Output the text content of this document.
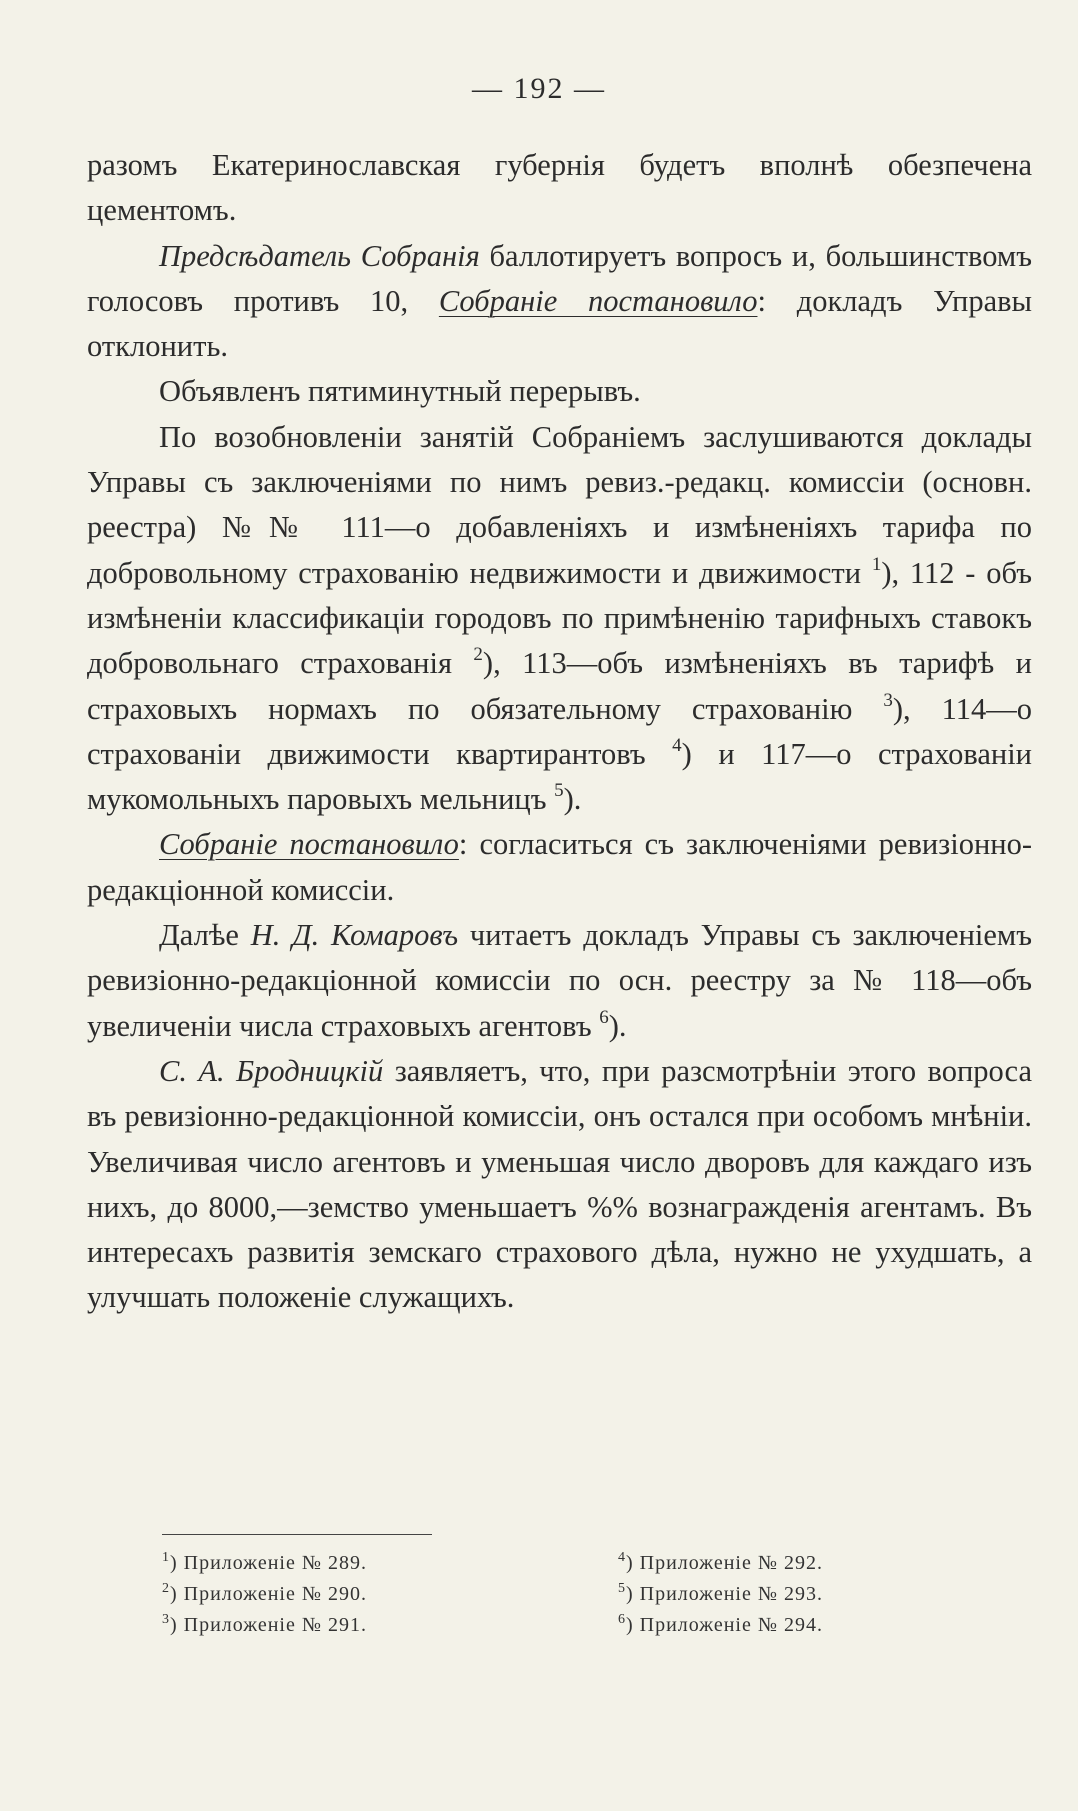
— 192 —

разомъ Екатеринославская губернія будетъ вполнѣ обезпечена цементомъ.

Предсѣдатель Собранія баллотируетъ вопросъ и, большинствомъ голосовъ противъ 10, Собраніе постановило: докладъ Управы отклонить.

Объявленъ пятиминутный перерывъ.

По возобновленіи занятій Собраніемъ заслушиваются доклады Управы съ заключеніями по нимъ ревиз.-редакц. комиссіи (основн. реестра) №№ 111—о добавленіяхъ и измѣненіяхъ тарифа по добровольному страхованію недвижимости и движимости $^1$), 112 - объ измѣненіи классификаціи городовъ по примѣненію тарифныхъ ставокъ добровольнаго страхованія $^2$), 113—объ измѣненіяхъ въ тарифѣ и страховыхъ нормахъ по обязательному страхованію $^3$), 114—о страхованіи движимости квартирантовъ $^4$) и 117—о страхованіи мукомольныхъ паровыхъ мельницъ $^5$).

Собраніе постановило: согласиться съ заключеніями ревизіонно-редакціонной комиссіи.

Далѣе Н. Д. Комаровъ читаетъ докладъ Управы съ заключеніемъ ревизіонно-редакціонной комиссіи по осн. реестру за № 118—объ увеличеніи числа страховыхъ агентовъ $^6$).

С. А. Бродницкій заявляетъ, что, при разсмотрѣніи этого вопроса въ ревизіонно-редакціонной комиссіи, онъ остался при особомъ мнѣніи. Увеличивая число агентовъ и уменьшая число дворовъ для каждаго изъ нихъ, до 8000,—земство уменьшаетъ %% вознагражденія агентамъ. Въ интересахъ развитія земскаго страхового дѣла, нужно не ухудшать, а улучшать положеніе служащихъ.

$^1$) Приложеніе № 289.
$^2$) Приложеніе № 290.
$^3$) Приложеніе № 291.
$^4$) Приложеніе № 292.
$^5$) Приложеніе № 293.
$^6$) Приложеніе № 294.
